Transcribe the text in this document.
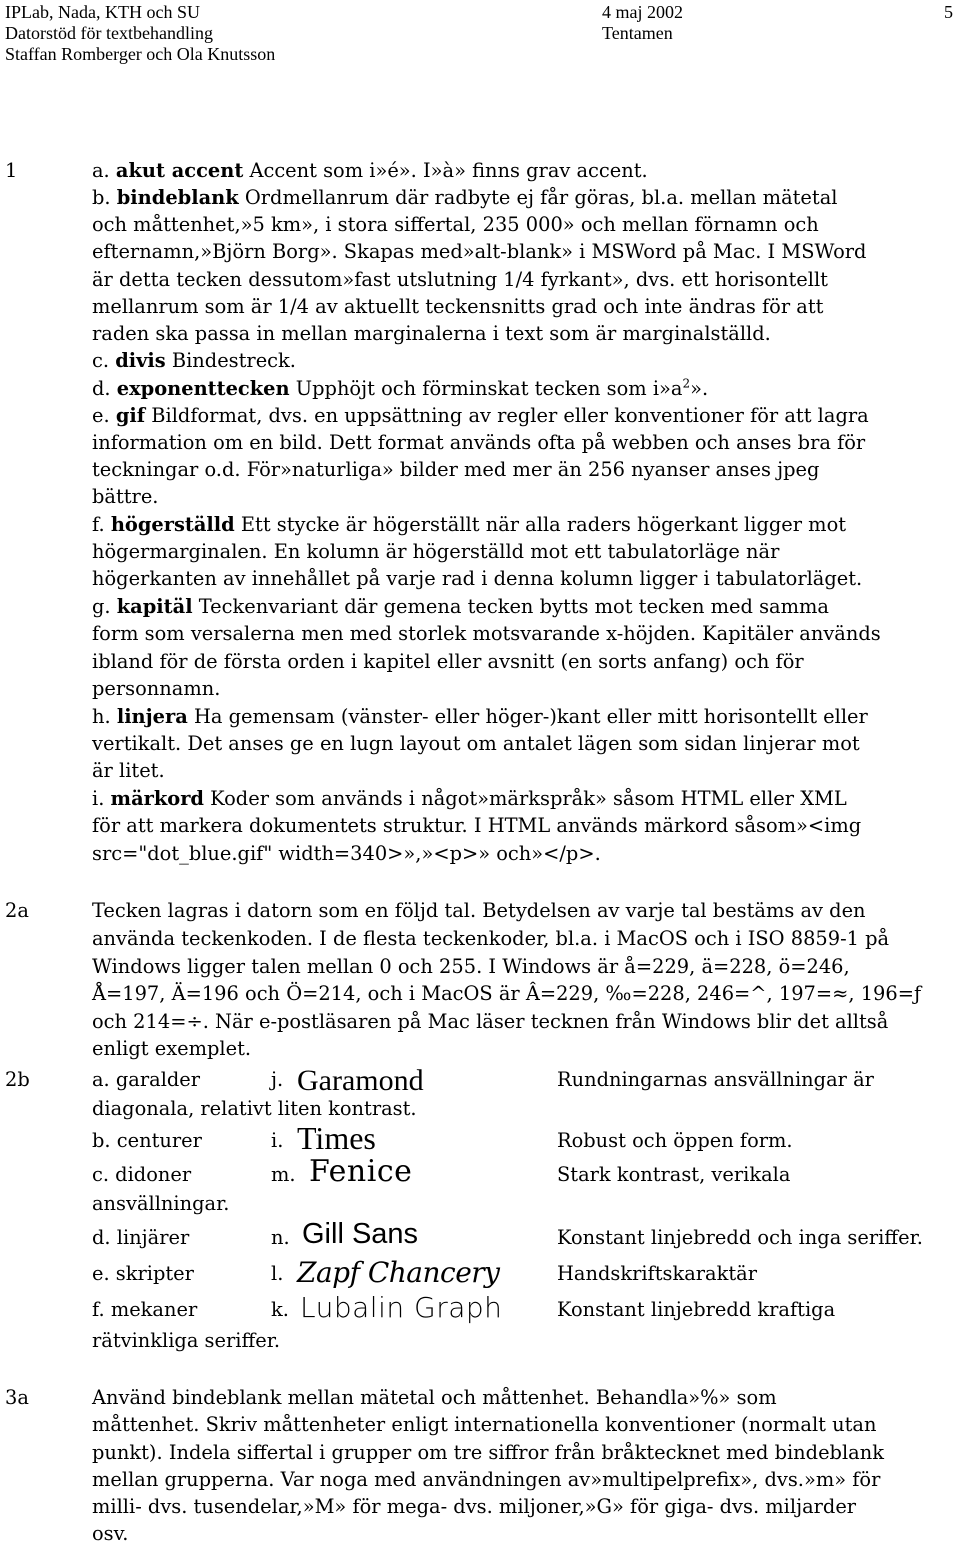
IPLab, Nada, KTH och SU
Datorstöd för textbehandling
Staffan Romberger och Ola Knutsson
4 maj 2002
Tentamen
5
1	a. akut accent Accent som i»é». I»à» finns grav accent.
b. bindeblank Ordmellanrum där radbyte ej får göras, bl.a. mellan mätetal
och måttenhet,»5 km», i stora siffertal, 235 000» och mellan förnamn och
efternamn,»Björn Borg». Skapas med»alt-blank» i MSWord på Mac. I MSWord
är detta tecken dessutom»fast utslutning 1/4 fyrkant», dvs. ett horisontellt
mellanrum som är 1/4 av aktuellt teckensnitts grad och inte ändras för att
raden ska passa in mellan marginalerna i text som är marginalställd.
c. divis Bindestreck.
d. exponenttecken Upphöjt och förminskat tecken som $i»a^2$».
e. gif Bildformat, dvs. en uppsättning av regler eller konventioner för att lagra
information om en bild. Dett format används ofta på webben och anses bra för
teckningar o.d. För»naturliga» bilder med mer än 256 nyanser anses jpeg
bättre.
f. högerställd Ett stycke är högerställt när alla raders högerkant ligger mot
högermarginalen. En kolumn är högerställd mot ett tabulatorläge när
högerkanten av innehållet på varje rad i denna kolumn ligger i tabulatorläget.
g. kapitäl Teckenvariant där gemena tecken bytts mot tecken med samma
form som versalerna men med storlek motsvarande x-höjden. Kapitäler används
ibland för de första orden i kapitel eller avsnitt (en sorts anfang) och för
personnamn.
h. linjera Ha gemensam (vänster- eller höger-)kant eller mitt horisontellt eller
vertikalt. Det anses ge en lugn layout om antalet lägen som sidan linjerar mot
är litet.
i. märkord Koder som används i något»märkspråk» såsom HTML eller XML
för att markera dokumentets struktur. I HTML används märkord såsom»<img
src="dot_blue.gif" width=340>»,»<p>» och»</p>.
2a	Tecken lagras i datorn som en följd tal. Betydelsen av varje tal bestäms av den
använda teckenkoden. I de flesta teckenkoder, bl.a. i MacOS och i ISO 8859-1 på
Windows ligger talen mellan 0 och 255. I Windows är å=229, ä=228, ö=246,
Å=197, Ä=196 och Ö=214, och i MacOS är Â=229, ‰=228, 246=^, 197=≈, 196=ƒ
och 214=÷. När e-postläsaren på Mac läser tecknen från Windows blir det alltså
enligt exemplet.
2b	a. garalder	j. Garamond	Rundningarnas ansvällningar är
diagonala, relativt liten kontrast.
b. centurer	i. Times	Robust och öppen form.
c. didoner	m. Fenice	Stark kontrast, verikala
ansvällningar.
d. linjärer	n. Gill Sans	Konstant linjebredd och inga seriffer.
e. skripter	l. Zapf Chancery	Handskriftskaraktär
f. mekaner	k. Lubalin Graph	Konstant linjebredd kraftiga
rätvinkliga seriffer.
3a	Använd bindeblank mellan mätetal och måttenhet. Behandla»%» som
måttenhet. Skriv måttenheter enligt internationella konventioner (normalt utan
punkt). Indela siffertal i grupper om tre siffror från bråktecknet med bindeblank
mellan grupperna. Var noga med användningen av»multipelprefix», dvs.»m» för
milli- dvs. tusendelar,»M» för mega- dvs. miljoner,»G» för giga- dvs. miljarder
osv.
